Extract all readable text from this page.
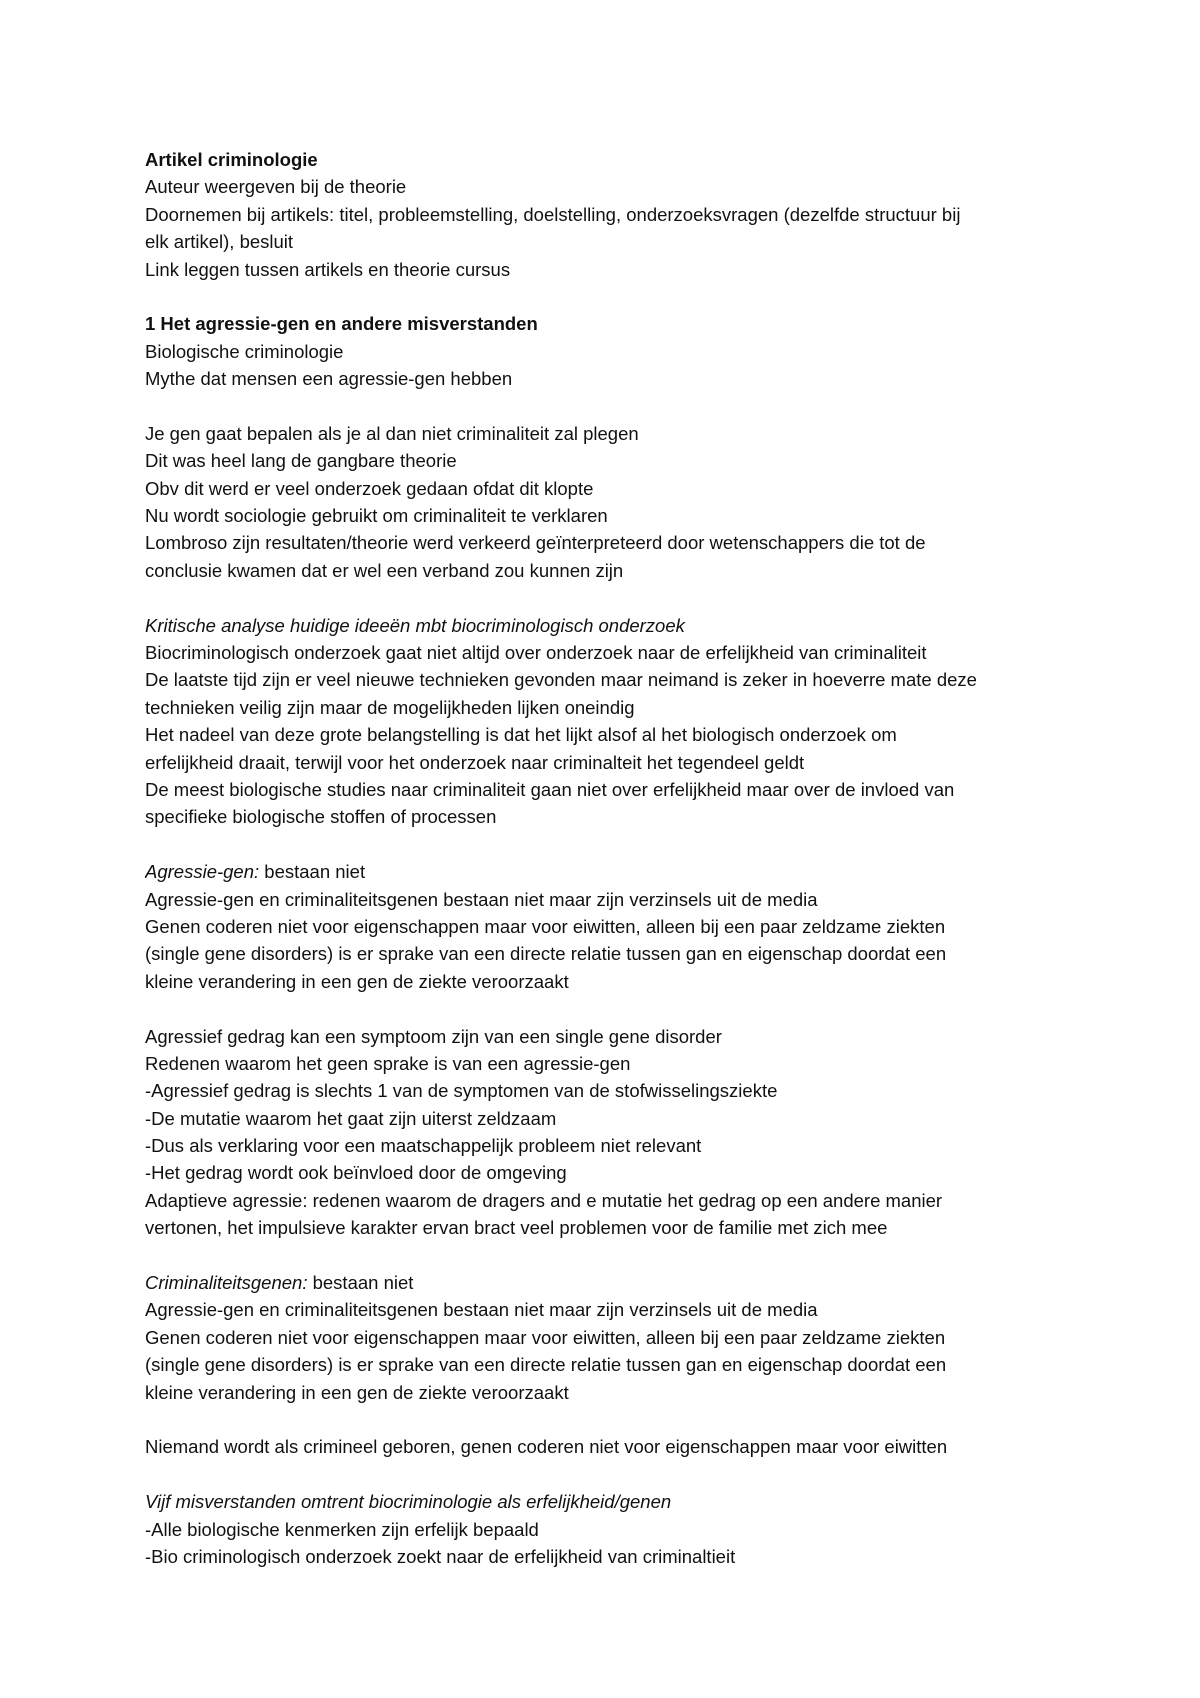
Artikel criminologie
Auteur weergeven bij de theorie
Doornemen bij artikels: titel, probleemstelling, doelstelling, onderzoeksvragen (dezelfde structuur bij
elk artikel), besluit
Link leggen tussen artikels en theorie cursus
1 Het agressie-gen en andere misverstanden
Biologische criminologie
Mythe dat mensen een agressie-gen hebben
Je gen gaat bepalen als je al dan niet criminaliteit zal plegen
Dit was heel lang de gangbare theorie
Obv dit werd er veel onderzoek gedaan ofdat dit klopte
Nu wordt sociologie gebruikt om criminaliteit te verklaren
Lombroso zijn resultaten/theorie werd verkeerd geïnterpreteerd door wetenschappers die tot de
conclusie kwamen dat er wel een verband zou kunnen zijn
Kritische analyse huidige ideeën mbt biocriminologisch onderzoek
Biocriminologisch onderzoek gaat niet altijd over onderzoek naar de erfelijkheid van criminaliteit
De laatste tijd zijn er veel nieuwe technieken gevonden maar neimand is zeker in hoeverre mate deze
technieken veilig zijn maar de mogelijkheden lijken oneindig
Het nadeel van deze grote belangstelling is dat het lijkt alsof al het biologisch onderzoek om
erfelijkheid draait, terwijl voor het onderzoek naar criminalteit het tegendeel geldt
De meest biologische studies naar criminaliteit gaan niet over erfelijkheid maar over de invloed van
specifieke biologische stoffen of processen
Agressie-gen: bestaan niet
Agressie-gen en criminaliteitsgenen bestaan niet maar zijn verzinsels uit de media
Genen coderen niet voor eigenschappen maar voor eiwitten, alleen bij een paar zeldzame ziekten
(single gene disorders) is er sprake van een directe relatie tussen gan en eigenschap doordat een
kleine verandering in een gen de ziekte veroorzaakt
Agressief gedrag kan een symptoom zijn van een single gene disorder
Redenen waarom het geen sprake is van een agressie-gen
-Agressief gedrag is slechts 1 van de symptomen van de stofwisselingsziekte
-De mutatie waarom het gaat zijn uiterst zeldzaam
-Dus als verklaring voor een maatschappelijk probleem niet relevant
-Het gedrag wordt ook beïnvloed door de omgeving
Adaptieve agressie: redenen waarom de dragers and e mutatie het gedrag op een andere manier
vertonen, het impulsieve karakter ervan bract veel problemen voor de familie met zich mee
Criminaliteitsgenen: bestaan niet
Agressie-gen en criminaliteitsgenen bestaan niet maar zijn verzinsels uit de media
Genen coderen niet voor eigenschappen maar voor eiwitten, alleen bij een paar zeldzame ziekten
(single gene disorders) is er sprake van een directe relatie tussen gan en eigenschap doordat een
kleine verandering in een gen de ziekte veroorzaakt
Niemand wordt als crimineel geboren, genen coderen niet voor eigenschappen maar voor eiwitten
Vijf misverstanden omtrent biocriminologie als erfelijkheid/genen
-Alle biologische kenmerken zijn erfelijk bepaald
-Bio criminologisch onderzoek zoekt naar de erfelijkheid van criminaltieit
